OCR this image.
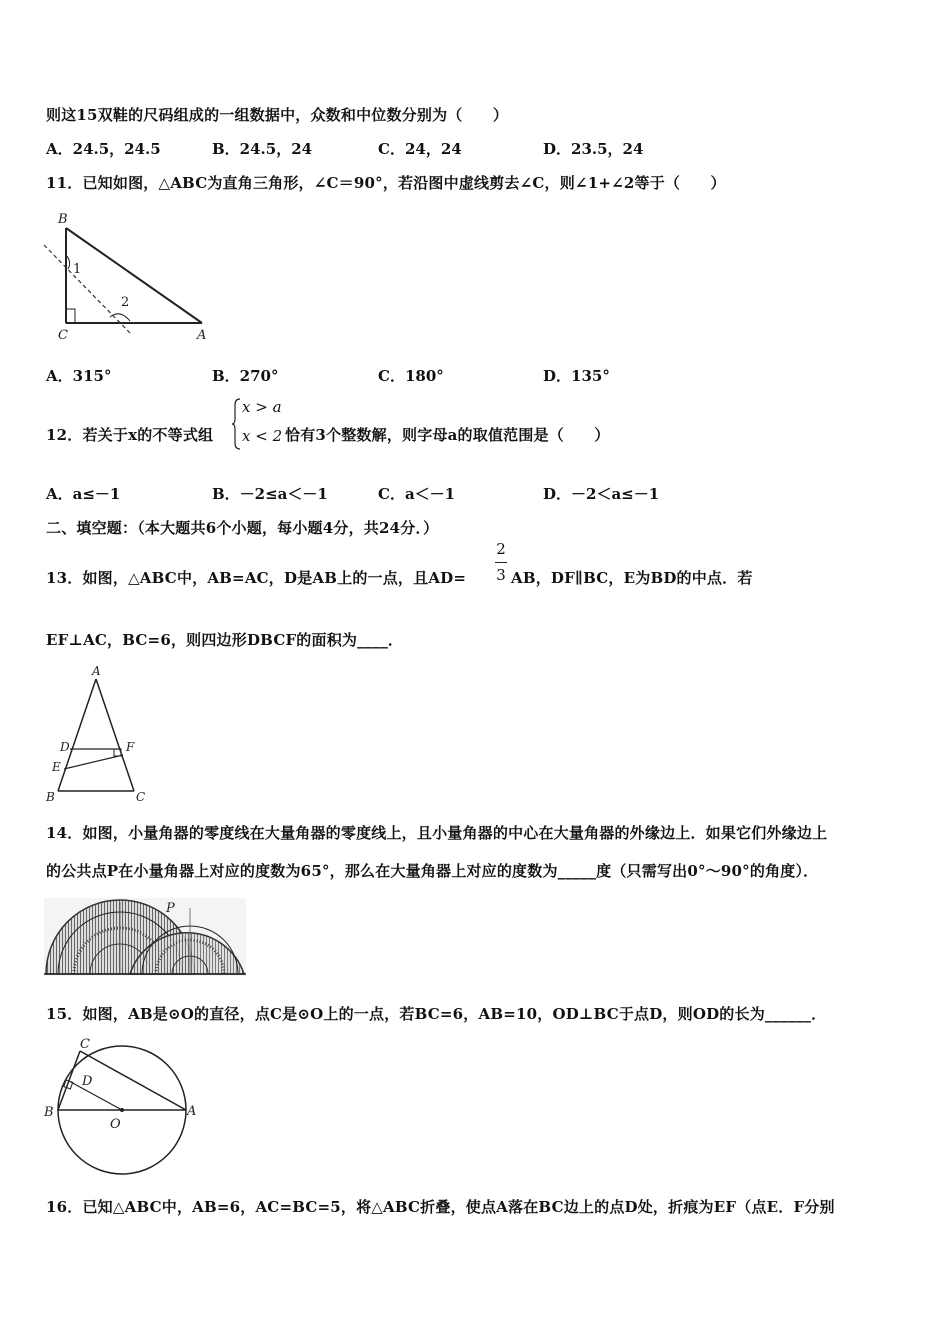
则这15双鞋的尺码组成的一组数据中，众数和中位数分别为（　　）
A．24.5，24.5	B．24.5，24	C．24，24	D．23.5，24
11．已知如图，△ABC为直角三角形，∠C＝90°，若沿图中虚线剪去∠C，则∠1+∠2等于（　　）
B
C	A
1
2
A．315°	B．270°	C．180°	D．135°
12．若关于x的不等式组
x > a
x < 2 恰有3个整数解，则字母a的取值范围是（　　）
A．a≤－1	B．－2≤a＜－1	C．a＜－1	D．－2＜a≤－1
二、填空题：（本大题共6个小题，每小题4分，共24分．）
13．如图，△ABC中，AB=AC，D是AB上的一点，且AD=
2
3 AB，DF∥BC，E为BD的中点．若
EF⊥AC，BC=6，则四边形DBCF的面积为____．
A
D	F
E
B	C
14．如图，小量角器的零度线在大量角器的零度线上，且小量角器的中心在大量角器的外缘边上．如果它们外缘边上
的公共点P在小量角器上对应的度数为65°，那么在大量角器上对应的度数为_____度（只需写出0°～90°的角度）．
P
15．如图，AB是⊙O的直径，点C是⊙O上的一点，若BC=6，AB=10，OD⊥BC于点D，则OD的长为______．
C
D
B
O
A
16．已知△ABC中，AB=6，AC=BC=5，将△ABC折叠，使点A落在BC边上的点D处，折痕为EF（点E．F分别
